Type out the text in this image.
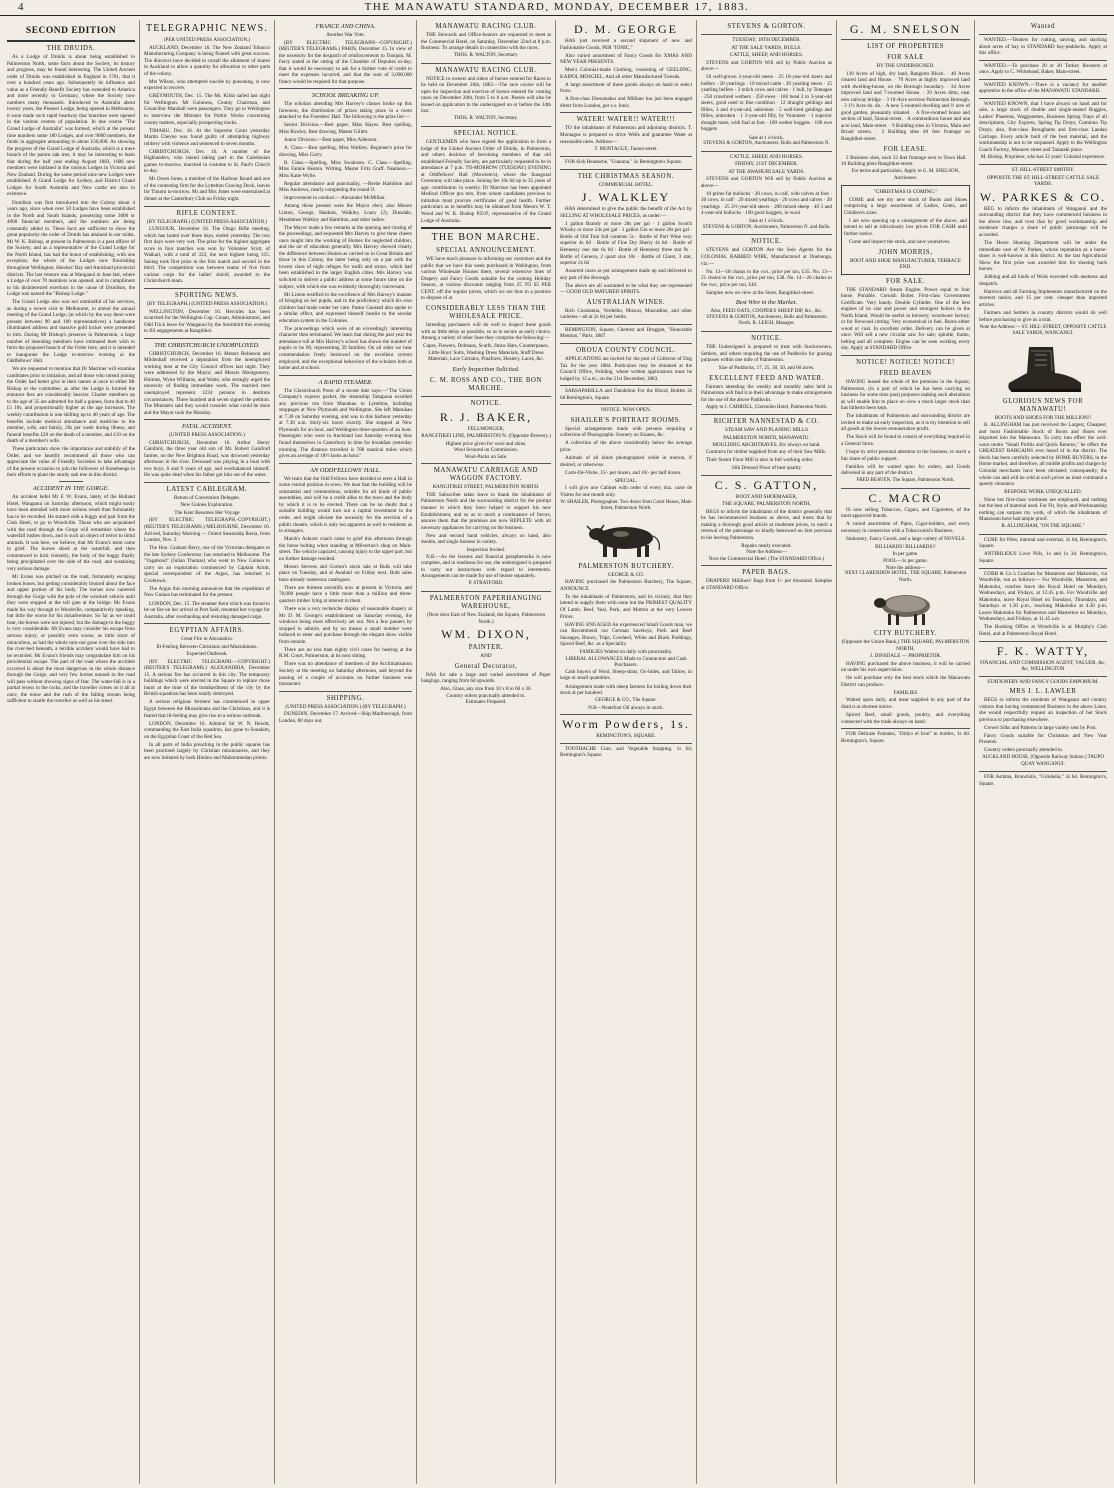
4	THE MANAWATU STANDARD, MONDAY, DECEMBER 17, 1883.
SECOND EDITION
THE DRUIDS.

As a Lodge of Druids is about being established in Palmerston North, some facts about the Society, its history and progress, may be found interesting. The United Ancient order of Druids was established in England in 1781, that it over a hundred years ago. Subsequently its influence and value as a Friendly Benefit Society has extended to America and more recently to Germany, where the Society now numbers many thousands. Introduced to Australia about twenty years, the Pioneer Lodge, being opened in Melbourne, it soon made such rapid headway that branches were opened in the various centres of population. In due course "The Grand Lodge of Australia" was formed, which at the present time numbers some 180 Lodges, and over 9000 members, the funds in aggregate amounting to about £30,000. As showing the progress of the Grand Lodge of Australia, which is a mere branch of the parent oak tree, it may be interesting to learn that during the half year ending August 1883, 1686 new members were initiated in the various Lodges in Victoria and New Zealand. During the same period nine new Lodges were established. A Grand Lodge for Sydney, and District Grand Lodges for South Australia and New castle are also in existence.

Druidism was first introduced into the Colony about 4 years ago, since when over 50 Lodges have been established in the North and South Islands, possessing some 3000 or 4000 financial members, and the numbers are being constantly added to. These facts are sufficient to show the great popularity the order of Druids has attained in our midst. Mr W. K. Bishop, at present in Palmerston is a past officer of the Society, and as a representative of the Grand Lodge for the North Island, has had the honor of establishing, with one exception, the whole of the Lodges now flourishing throughout Wellington, Hawkes' Bay and Auckland provincial districts. The last venture was at Wanganui in June last, where a Lodge of over 70 members was opened, and in compliment to his disinterested exertions in the cause of Druidism, the Lodge was named the "Bishop Lodge."

The Grand Lodge also was not unmindful of his services, as during a recent visit to Melbourne, to attend the annual meeting of the Grand Lodge, (at which by the way there were present between 90 and 100 representatives) a handsome illuminated address and massive gold locket were presented to him. During Mr Bishop's presence in Palmerston, a large number of intending members have intimated their wish to form the proposed branch of the Order here, and it is intended to inaugurate the Lodge to-morrow evening at the Oddfellows' Hall.

We are requested to mention that Dr Marriner will examine candidates prior to initiation, and all those who intend joining the Order had better give in their names at once to either Mr Bishop or the committee, as after the Lodge is formed the entrance fees are considerably heavier. Charter members up to the age of 35 are admitted for half a guinea, from that to 40 £1 10s, and proportionally higher as the age increases. The weekly contribution is one shilling up to 40 years of age. The benefits include medical attendance and medicine to the member, wife, and family, 20s per week during illness, and funeral benefits £20 on the death of a member, and £10 on the death of a member's wife.

These particulars show the importance and stability of the Order, and we heartily recommend all those who can appreciate the value of Friendly Societies to take advantage of the present occasion to join the followers of Stonehenge in their efforts to plant the sturdy oak tree in this district.

ACCIDENT IN THE GORGE.

An accident befel Mr F. W. Evans, lately of the Rutland Hotel, Wanganui on Saturday afternoon, which might easily have been attended with more serious result than fortunately has to be recorded. He started with a buggy and pair from the Club Hotel, to go to Woodville. Those who are acquainted with the road through the Gorge will remember where the waterfall rushes down, and is such an object of terror to timid animals. It was here, we believe, that Mr Evans's team came to grief. The horses shied at the waterfall, and then commenced to kick violently, the body of the buggy finally being precipitated over the side of the road, and sustaining very serious damage.

Mr Evans was pitched on the road, fortunately escaping broken bones, but getting considerably bruised about the face and upper portion of his body. The horses now careered through the Gorge with the pole of the wrecked vehicle until they were stopped at the toll gate at the bridge. Mr Evans made his way through to Woodville, comparatively speaking, but little the worse for his misadventure. So far as we could hear, the horses were not injured, but the damage to the buggy is very considerable. Mr Evans may consider his escape from serious injury, or possibly even worse, as little short of miraculous, as had the whole turn-out gone over the side into the river-bed beneath, a terrible accident would have had to be recorded. Mr Evans's friends may congratulate him on his providential escape. The part of the road where the accident occurred is about the most dangerous in the whole distance through the Gorge, and very few horses unused to the road will pass without showing signs of fear. The water-fall is in a partial recess in the rocks, and the traveller comes on it all at once, the noise and the rush of the falling stream being sufficient to startle the traveller as well as his steed.

TELEGRAPHIC NEWS.
(PER UNITED PRESS ASSOCIATION.)

AUCKLAND, December 16. The New Zealand Tobacco Manufacturing Company is being floated with great success. The directors have decided to curtail the allotment of shares in Auckland to allow a quantity for allocation to other parts of the colony.

Mrs Wilson, who attempted suicide by poisoning, is now expected to recover.

GREYMOUTH, Dec. 15. The Mt. Kilda sailed last night for Wellington. Mr Guinness, County Chairman, and Councillor Marshall were passengers. They go to Wellington to interview the Minister for Public Works concerning county matters, especially prospecting tracks.

TIMARU, Dec. 16. At the Supreme Court yesterday Martin Cheyne was found guilty of attempting highway robbery with violence and sentenced to seven months.

CHRISTCHURCH, Dec. 16. A number of the Highlanders, who intend taking part in the Caledonian games to-morrow, marched in costume to St. Paul's Church to-day.

Mr Owen Jones, a member of the Harbour Board and one of the contesting firm for the Lyttelton Graving Dock, leaves for Timaru to-morrow. Mr and Mrs Jones were entertained at dinner at the Canterbury Club on Friday night.

RIFLE CONTEST.
(BY TELEGRAPH.) (UNITED PRESS ASSOCIATION.)

LUNGOUR, December 16. The Otago Rifle meeting, which has lasted over three days, ended yesterday. The two first days were very wet. The prize for the highest aggregate score in four matches was won by Volunteer Scott, of Waikari, with a total of 322, the next highest being 315. Santag took first prize in the first match and second in the third. The competition was between teams of five from various corps for the ladies' shield, awarded to the Christchurch team.

SPORTING NEWS.
(BY TELEGRAPH.) (UNITED PRESS ASSOCIATION.)

WELLINGTON, December 16. Hercules has been scratched for the Wellington Cup. Conan, Administrator, and Odd Trick leave for Wanganui by the Stormbird this evening to fill engagements at Rangitikei.

THE CHRISTCHURCH UNEMPLOYED.

CHRISTCHURCH, December 16. Messrs Robieson and Mildenhall received a deputation from the unemployed working men at the City Council offices last night. They were addressed by the Mayor, and Messrs Montgomery, Holmes, Wynn Williams, and Waite, who strongly urged the necessity of finding immediate work. The married men unemployed represent 1234 persons in destitute circumstances. Three hundred and seven signed the petition. The Ministers said they would consider what could be done and the Mayor took the Monday.

FATAL ACCIDENT.
(UNITED PRESS ASSOCIATION.)

CHRISTCHURCH, December 16. Arthur Henry Gainford, the three year old son of Mr. Robert Gainford farmer, on the New Brighton Road, was drowned yesterday afternoon in the river. Deceased was playing in a boat with two boys, 6 and 9 years of age, and overbalanced himself. He was quite dead when his father got him out of the water.

LATEST CABLEGRAM.
Return of Convention Delegate.
New Guinea Exploration.
The Kent Resumes Her Voyage

(BY ELECTRIC TELEGRAPH.-COPYRIGHT.) (REUTER'S TELEGRAMS.) MELBOURNE, December 16. Arrived, Saturday Morning — Orient Steamship Ikeria, from London, Nov. 2.

The Hon. Graham Berry, one of the Victorian delegates to the late Sydney Conference, has returned to Melbourne. The "Vagabond" (Julian Thomas) who went to New Guinea to carry on an exploration commenced by Captain Armit, special correspondent of the Argus, has returned to Cooktown.

The Argus this morning announces that the expedition of New Guinea has terminated for the present.

LONDON, Dec. 15. The steamer Kent which was found to be on fire on her arrival at Port Said, resumed her voyage for Australia, after overhauling and restoring damaged cargo.

EGYPTIAN AFFAIRS.
Great Fire in Alexandria.
Ill-Feeling Between Christians and Mussulmans.
Expected Outbreak.

(BY ELECTRIC TELEGRAPH.—COPYRIGHT.) (REUTER'S TELEGRAMS.) ALEXANDRIA, December 15. A serious fire has occurred in this city. The temporary buildings which were erected in the Square to replace those burnt at the time of the bombardment of the city by the British squadron has been totally destroyed.

A serious religious ferment has commenced in upper Egypt between the Mussulmans and the Christians, and it is feared that ill-feeling may give rise to a serious outbreak.

LONDON, December 16. Admiral Sir W. N. Hewitt, commanding the East India squadron, has gone to Souakim, on the Egyptian Coast of the Red Sea.

In all parts of India preaching in the public squares has been practised largely by Christian missionaries, and they are now imitated by both Hindoo and Mahommedan priests.

FRANCE AND CHINA.
Another War Vote.

(BY ELECTRIC TELEGRAPH—COPYRIGHT.) (REUTER'S TELEGRAMS.) PARIS, December 15. In view of the necessity for the despatch of reinforcements to Tonquin, M. Ferry stated at the sitting of the Chamber of Deputies to-day, that it would be necessary to ask for a further vote of credit to meet the expenses incurred, and that the sum of 3,000,000 francs would be required for that purpose.

SCHOOL BREAKING UP.

The scholars attending Mrs Harvey's classes broke up this forenoon, the distribution of prizes taking place in a room attached to the Foresters' Hall. The following is the prize list:—

Senior Division.—Best paper, Miss Hayes. Best spelling, Miss Rowley. Best drawing, Master Gillett.

Junior Division.—Best paper, Miss Alderson.

A. Class.—Best spelling, Miss Walkley. Beginner's prize for drawing, Miss Curry.

B. Class.—Spelling, Miss Swainson. C. Class.—Spelling, Miss Fannie Heaton. Writing, Master Fritz Graff. Neatness.—Miss Katie Wylie.

Regular attendance and punctuality, —Bertie Hamilton and Miss Andrews, nearly completing the round O.

Improvement in conduct.—Alexander McMillan.

Among those present were the Mayor elect, also Messrs Linton, George, Hankins, Walkley, Loary (2), Dinsdale, Mesdames Walkley and Hamilton, and other ladies.

The Mayor made a few remarks at the opening and closing of the proceedings, and requested Mrs Harvey to give three cheers once taught into the working of Homes for neglected children, and the art of education generally. Mrs Harvey showed clearly the difference between Homes as carried on in Great Britain and those in this Colony, the latter being only on a par with the lowest class of night refuges for waifs and strays, which had been established in the larger English cities. Mrs Harvey was solicited to deliver a public address at some future time on the subject, with which she was evidently thoroughly conversant.

Mr Linton testified to the excellence of Mrs Harvey's manner of bringing on her pupils, and to the proficiency which his own children had made under her care. Pastor Gaustad also spoke to a similar effect, and expressed himself hostile to the secular education system in the Colonies.

The proceedings which were of an exceedingly interesting character then terminated. We learn that during the past year the attendance roll at Mrs Harvey's school has shown the number of pupils to be 60, representing 29 families. On all sides we hear commendation freely bestowed on the excellent system employed, and the exceptional behaviour of the scholars both at home and at school.

A RAPID STEAMER.

The Christchurch Press of a recent date says:—"The Union Company's express packet, the steamship Takapuna excelled any previous run from Manukau to Lyttelton, including stoppages at New Plymouth and Wellington. She left Manukau at 7.30 on Saturday evening, and was in this harbour yesterday at 7.30 a.m. thirty-six hours exactly. She stopped at New Plymouth for an hour, and Wellington three-quarters of an hour. Passengers who were in Auckland last Saturday evening thus found themselves in Canterbury in time for breakfast yesterday morning. The distance travelled is 788 nautical miles which gives an average of 18½ knots an hour."

AN ODDFELLOWS' HALL.

We learn that the Odd Fellows have decided to erect a Hall in some central position in town. We hear that the building will be substantial and commodious, suitable for all kinds of public assemblies, and will be a credit alike to the town and the body by which it is to be erected. There can be no doubt that a suitable building would turn out a capital investment to the order, and might obviate the necessity for the erection of a public theatre, which is only too apparent as well to residents as to strangers.

Marsh's Ashurst coach came to grief this afternoon through the horse bolting when standing at Milverton's shop on Main-street. The vehicle capsized, causing injury to the upper part, but no further damage resulted.

Messrs Stevens and Gorton's stock sale at Bulls will take place on Tuesday, and at Awahuri on Friday next. Both sales have already numerous catalogues.

There are thirteen sawmills now at present in Victoria, and 70,000 people have a little more than a million and three-quarters timber lying at interest in them.

There was a very recherche display of seasonable drapery at Mr D. M. George's establishment on Saturday evening, the windows being most effectively set out. Not a few passers by stopped to admire, and by no means a small number were induced to enter and purchase through the elegant show visible from outside.

There are no less than eighty civil cases for hearing at the R.M. Court, Palmerston, at its next sitting.

There was no attendance of members of the Acclimatisation Society at the meeting on Saturday afternoon, and beyond the passing of a couple of accounts no further business was transacted.

SHIPPING.
(UNITED PRESS ASSOCIATION.) (BY TELEGRAPH.)

DUNEDIN, December 17. Arrived—Ship Marlborough, from London, 80 days out.

MANAWATU RACING CLUB.

THE Stewards and Office-bearers are requested to meet at the Commercial Hotel, on Saturday, December 22nd at 8 p.m. Business: To arrange details in connection with the races.

THOS. R. WALTON, Secretary.
MANAWATU RACING CLUB.

NOTICE to owners and riders of horses entered for Races to be held on December 26th, 1883.—The race course will be open for inspection and exercise of horses entered for coming races on December 20th, from 5 to 8 a.m. Passes will also be issued on application to the undersigned on or before the 24th inst.

THOS. R. WALTON, Secretary.
SPECIAL NOTICE.

GENTLEMEN who have signed the application to form a lodge of the United Ancient Order of Druids, in Palmerston, and others desirous of becoming members of that old established Friendly Society, are particularly requested to be in attendance at 7 p.m. TO-MORROW (TUESDAY) EVENING at Oddfellows' Hall (Mowlem's), where the Inaugural Ceremony will take place. Joining fee 10s 6d up to 35 years of age; contribution 1s weekly. Dr Marriner has been appointed Medical Officer pro tem, from whom candidates previous to initiation must procure certificates of good health. Further particulars as to benefits may be obtained from Messrs W. T. Wood and W. K. Bishop P.D.P., representative of the Grand Lodge of Australia.

THE BON MARCHE.
SPECIAL ANNOUNCEMENT.

WE have much pleasure in informing our customers and the public that we have this week purchased in Wellington, from various Wholesale Houses there, several extensive lines of Drapery and Fancy Goods suitable for the coming Holiday Season, at various discounts ranging from 25 TO 65 PER CENT. off the regular prices, which we are thus in a position to dispose of at

CONSIDERABLY LESS THAN THE WHOLESALE PRICE.

Intending purchasers will do well to inspect these goods with as little delay as possible, so as to secure as early choice. Among a variety of other lines they comprise the following:—

Capes, Flowers, Dolmans, Scarfs, Straw Hats, Counterpanes, Little Boys' Suits, Washing Dress Materials, Stuff Dress Materials, Lace Curtains, Pinafores, Hosiery, Laces, &c.
Early Inspection Solicited.
C. M. ROSS AND CO., THE BON MARCHE.
NOTICE.
R. J. BAKER,
FELLMONGER,
RANGITIKEI LINE, PALMERSTON N. (Opposite Brewery.)
Highest price given for wool and skins.
Wool Scoured on Commission.
Wool-Packs on Sale.
MANAWATU CARRIAGE AND WAGGON FACTORY.
RANGITIKEI STREET, PALMERSTON NORTH.

THE Subscriber takes leave to thank the inhabitants of Palmerston North and the surrounding district for the prompt manner in which they have helped to support his new Establishment, and so as to merit a continuance of favors, assures them that the premises are now REPLETE with all necessary appliances for carrying on the business.

New and second hand vehicles, always on hand, also double, and single harness in variety.

Inspection Invited.

N.B.—As the lessons and financial paraphernalia is now complete, and in readiness for use, the undersigned is prepared to carry out instructions with regard to interments. Arrangements can be made for use of hearse separately.

P. STRATFORD.
PALMERSTON PAPERHANGING WAREHOUSE,
(Next door East of New Zealand, the Square, Palmerston North.)
WM. DIXON,
PAINTER,
AND
General Decorator,

HAS for sale a large and varied assortment of Paper hangings, ranging from 6d upwards.

Also, Glass, any size from 10 x 8 to 60 x 36.
Country orders punctually attended to.
Estimates Prepared.
D. M. GEORGE

HAS just received a second shipment of new and Fashionable Goods, PER "IONIC,"

Also varied assortment of Fancy Goods for XMAS AND NEW YEAR PRESENTS.

Men's Colonial-made Clothing, consisting of GEELONG, KAIPOI, MOSGIEL, And all other Manufactured Tweeds.

A large assortment of these goods always on hand to select from.

A first-class Dressmaker and Milliner has just been engaged direct from London, per s.s. Ionic.

WATER! WATER!! WATER!!!

TO the inhabitants of Palmerston and adjoining districts. T. Montague is prepared to drive Wells and guarantee Water at reasonable rates. Address—

T. MONTAGUE, Taonui-street.

FOR Sick Headache, "Guarana," 2s Remington's Square.

THE CHRISTMAS SEASON.
COMMERCIAL HOTEL.
J. WALKLEY

HAS determined to give the public the benefit of the Act by SELLING AT WHOLESALE PRICES, as under:—

1 gallon Brandy or more 28s per gal · 1 gallon Scotch Whisky or more 24s per gal · 1 gallon Gin or more 20s per gal · Bottle of Old Tom full contents 5s · Bottle of Port Wine very superior 4s 6d · Bottle of Fine Dry Sherry 4s 6d · Bottle of Hennessy one star 6s 6d · Bottle of Hennessy three star 9s · Bottle of Geneva, 2 quart size 10s · Bottle of Claret, 3 star, superior 2s 6d

Assorted cases as per arrangement made up and delivered to any part of the Borough.

The above are all warranted to be what they are represented — GOOD OLD MATURED SPIRITS.

AUSTRALIAN WINES.

Rich Constantia, Verdelho, Muscat, Muscadine, and other varieties—all at 2s 6d per bottle.

REMINGTON, Square, Chemist and Druggist, "Honorable Mention," Paris, 1867.

OROUA COUNTY COUNCIL.

APPLICATIONS are invited for the post of Collector of Dog Tax for the year 1884. Particulars may be obtained at the Council Office, Feilding, where written applications must be lodged by 12 a.m., on the 21st December, 1883.

SARSAPARILLA and Dandelion For the Blood, Bottles 2s 6d Remington's, Square.

NOTICE. NOW OPEN.
SHAILER'S PORTRAIT ROOMS.

Special arrangements made with persons requiring a collection of Photographic Scenery on Estates, &c.

A collection of the above considerably below the average price.

Animals of all kinds photographed while in motion, if desired, or otherwise.

Carte-De-Visite, 15/- per dozen, and 10/- per half dozen.

SPECIAL.

I will give one Cabinet with order of every doz. carte de Visites for one month only.

W. SHAILER, Photographer. Two doors from Court House, Main Street, Palmerston North.
PALMERSTON BUTCHERY.
GEORGE & CO.

HAVING purchased the Palmerston Butchery, The Square, ANNOUNCE

To the inhabitants of Palmerston, and its vicinity, that they intend to supply them with none but the PRIMEST QUALITY Of Lamb, Beef, Veal, Pork, and Mutton at the very Lowest Prices.

HAVING ENGAGED An experienced Small Goods man, we can Recommend our German Saveloys, Pork and Beef Sausages, Brawn, Tripe, Cowheel, White and Black Puddings, Spiced Beef, &c. as a Speciality.

FAMILIES Waited on daily with punctuality.
LIBERAL ALLOWANCES Made to Contractors and Cash Purchasers.

Cash buyers of Wool, Sheep-skins, Ox-hides, and Tallow, in large or small quantities.

Arrangement made with sheep farmers for boiling down their stock at per hundred.

GEORGE & CO., The Square.
N.B—Neatsfoot Oil always in stock.
Worm Powders, 1s.
REMINGTON'S, SQUARE.

TOOTHACHE Cure, and Vegetable Stopping. 1s 6d, Remington's Square.

STEVENS & GORTON.
TUESDAY, 18TH DECEMBER.
AT THE SALE YARDS, BULLS.
CATTLE, SHEEP, AND HORSES.

STEVENS and GORTON Will sell by Public Auction as above—

50 well-grown 3-year-old steers · 25 18-year-old steers and heifers · 20 yearlings · 10 mixed cattle · 20 yearling steers · 15 yearling heifers · 3 milch cows and calves · 1 bull, by Tentagee · 250 crossbred wethers · 250 ewes · 100 head 2 to 3-year-old steers, good used to fine condition · 12 draught geldings and fillies, 3 and 4-year-old, unbroken · 5 well-bred geldings and fillies, unbroken · 1 3-year-old filly, by Volunteer · 1 superior draught mare, with foal at foot · 100 wether hoggets · 100 ewe hoggets

Sale at 1 o'clock.
STEVENS & GORTON, Auctioneers, Bulls and Palmerston N.
CATTLE, SHEEP, AND HORSES.
FRIDAY, 21ST DECEMBER.
AT THE AWAHURI SALE YARDS.

STEVENS and GORTON Will sell by Public Auction as above—

10 prime fat bullocks · 20 cows, in calf, with calves at foot · 30 cows, in calf · 20 mixed yearlings · 20 cows and calves · 20 yearlings · 25 2½-year-old steers · 200 mixed sheep · 40 3 and 4-year-old bullocks · 100 good hoggets, in wool

Sale at 1 o'clock.
STEVENS & GORTON, Auctioneers, Palmerston N. and Bulls.
NOTICE.

STEVENS and GORTON Are the Sole Agents for the COLONIAL BARBED WIRE, Manufactured at Onehunga, viz:—

No. 13—18 chains to the cwt., price per ton, £35. No. 13—21 chains to the cwt., price per ton, £38. No. 14—26 chains to the cwt., price per ton, £40.

Samples now on view at the Store, Rangitikei-street.

Best Wire in the Market.
Also, FEED OATS, COOPER'S SHEEP DIP, &c., &c.
STEVENS & GORTON, Auctioneers, Bulls and Palmerston North. R. LEIGH, Manager.
NOTICE.

THE Undersigned is prepared to treat with Stockowners, Settlers, and others requiring the use of Paddocks for grazing purposes within one mile of Palmerston.

Size of Paddocks, 17, 25, 30, 50, and 60 acres.
EXCELLENT FEED AND WATER.

Farmers attending the weekly and monthly sales held in Palmerston will find it to their advantage to make arrangements for the use of the above Paddocks.

Apply to J. CARROLL, Clarendon Hotel, Palmerston North.
RICHTER NANNESTAD & CO.
STEAM SAW AND PLANING MILLS
PALMERSTON NORTH, MANAWATU.
MOULDING ARCHITRAVES, Etc always on hand.

Contracts for timber supplied from any of their Saw Mills.

Their Steam Flour Mill is also in full working order.

Silk Dressed Flour of best quality
C. S. GATTON,
BOOT AND SHOEMAKER,
THE SQUARE, PALMERSTON NORTH,

BEGS to inform the inhabitants of the district generally that he has recommenced business as above, and trusts that by making a thorough good article at moderate prices, to merit a renewal of the patronage so kindly bestowed on him previous to his leaving Palmerston.

Repairs neatly executed.
Note the Address—
Next the Commercial Hotel. (The STANDARD Office.)
PAPER BAGS.

DRAPERS' Milliners' Bags from 1/- per thousand. Samples at STANDARD Office.

G. M. SNELSON
LIST OF PROPERTIES
FOR SALE
BY THE UNDERSIGNED.

130 Acres of high, dry land, Rangiotu Block. · 40 Acres cleared land and House. · 70 Acres at highly improved land with dwelling-house, on the Borough boundary. · 34 Acres improved land and 7-roomed House. · 20 Acres ditto, near new railway bridge. · 3 10-Acre sections Palmerston Borough. · 3 1½ Acre do. do. · A new 5-roomed dwelling and ½ acre of good garden, pleasantly situated. · A five-roomed house and section of land, Taonui-street. · A commodious house and one acre land, Main-street. · 9 Building sites in Victoria, Main and Broad streets. · 3 Building sites 40 feet frontage on Rangitikei-street.

FOR LEASE.

2 Business sites, each 32 feet frontage next to Town Hall. · 10 Building plots Rangitikei-street.

For terms and particulars, Apply to G. M. SNELSON, Auctioneer.
"CHRISTMAS IS COMING."

COME and see my new stock of Boots and Shoes comprising a large assortment of Ladies, Gents, and Children's sizes.

I am now opening up a consignment of the above, and intend to sell at ridiculously low prices FOR CASH until further notice.

Come and inspect the stock, and save yourselves.

JOHN MORRIS,
BOOT AND SHOE MANUFACTURER, TERRACE END.
FOR SALE.

THE STANDARD Steam Engine. Power equal to four horse. Portable. Cornish Boiler. First-class Government Certificate. Very handy. Double Cylinder. One of the best engines of its size and power and strongest boilers in the North Island. Would be useful in brewery, woodware factory, or for firewood cutting. Very economical in fuel. Burns either wood or coal. In excellent order. Delivery can be given at once. Will sell a new circular saw for sale; spindle, frame, belting and all complete. Engine can be seen working every day. Apply at STANDARD Office.

NOTICE! NOTICE! NOTICE!
FRED BEAVEN

HAVING leased the whole of the premises in the Square, Palmerston, (in a part of which he has been carrying on business for some time past) purposes making such alterations as will enable him to place on view a much larger stock than has hitherto been kept.

The inhabitants of Palmerston and surrounding district are invited to make an early inspection, as it is my intention to sell all goods at the lowest remunerative profit.

The Stock will be found to consist of everything required in a General Store.

I hope by strict personal attention to the business, to merit a fair share of public support.

Families will be waited upon for orders, and Goods delivered in any part of the district.

FRED BEAVEN, The Square, Palmerston North.
C. MACRO

IS now selling Tobaccos, Cigars, and Cigarettes, of the most approved brands.

A varied assortment of Pipes, Cigar-holders, and every necessary in connection with a Tobacconist's Business.

Stationery, Fancy Goods, and a large variety of NOVELS.

BILLIARDS! BILLIARDS!!
In per game.
POOL—1s per game.
Note the address—
NEXT CLARENDON HOTEL, THE SQUARE, Palmerston North.
CITY BUTCHERY.
(Opposite the Union Bank,) THE SQUARE, PALMERSTON NORTH.
J. DINSDALE — PROPRIETOR.

HAVING purchased the above business, it will be carried on under his own supervision.

He will purchase only the best stock which the Manawatu District can produce.

FAMILIES

Waited upon daily, and meat supplied in any part of the district at shortest notice.

Spiced Beef, small goods, poultry, and everything connected with the trade always on hand.

FOR Delicate Females, "Didyo el Iron" in bottles, 1s 6d. Remington's, Square.

Wanted

WANTED.—Tenders for cutting, sawing, and stacking about acres of hay in STANDARD hay-paddocks. Apply at this office.

WANTED.—To purchase 20 or 30 Turkey Roosters at once. Apply to C. Whitehead, Baker, Main-street.

WANTED KNOWN.—There is a vacancy for another apprentice in the office of the MANAWATU STANDARD.

WANTED KNOWN, that I have always on hand and for sale, a large stock of double and single-seated Buggies, Ladies' Phaetons, Waggonettes, Business Spring Traps of all descriptions, City Express, Spring Tip Drays, Common Tip Drays; also, first-class Broughams and first-class Landau Carriage. Every article built of the best material, and the workmanship is not to be surpassed. Apply to the Wellington Coach Factory, Manners street and Taranaki place.

M. Bishop, Proprietor, who has 32 years' Colonial experience.
ST. HILL-STREET SMITHY.
OPPOSITE THE ST. HILL-STREET CATTLE SALE YARDS.
W. PARKES & CO.

BEG to inform the inhabitants of Wanganui and the surrounding district that they have commenced business in the above line, and trust that by good workmanship and moderate charges a share of public patronage will be accorded.

The Horse Shoeing Department will be under the immediate care of W. Parkes, whose reputation as a horse-shoer is well-known in this district. At the last Agricultural Show the first prize was awarded him for shoeing back horses.

Jobbing and all kinds of Work executed with neatness and despatch.

Harrows and all Farming Implements manufactured on the shortest notice, and 15 per cent. cheaper than imported articles.

Farmers and Settlers in country districts would do well before purchasing to give us a trial.

Note the Address:— ST. HILL-STREET, OPPOSITE CATTLE SALE YARDS, WANGANUI.
GLORIOUS NEWS FOR MANAWATU!
BOOTS AND SHOES FOR THE MILLION!!

R. ALLINGHAM has just received the Largest, Cheapest, and most Fashionable Stock of Boots and Shoes ever imported into the Manawatu. To carry into effect the well-worn motto "Small Profits and Quick Returns," he offers the GREATEST BARGAINS ever heard of in the district. The Stock has been carefully selected by HOME BUYERS, in the Home market, and therefore, all middle profits and charges by Colonial merchants have been obviated; consequently, the whole can and will be sold at such prices as must command a speedy clearance.

BESPOKE WORK UNEQUALLED.

None but first-class workmen are employed, and nothing but the best of material used. For Fit, Style, and Workmanship nothing can surpass my work, of which the inhabitants of Manawatu have had ample proof.

R. ALLINGHAM, "ON THE SQUARE."

CURE for Piles, internal and external, 2s 6d, Remington's, Square.

ANTIBILIOUS Liver Pills, 1s and 1s 3d. Remington's, Square.

COBB & Co.'s Coaches for Masterton and Makotoku, via Woodville, run as follows:— For Woodville, Masterton, and Makotoku, coaches leave the Royal Hotel on Mondays, Wednesdays, and Fridays, at 12.45 p.m. For Woodville and Makotoku, leave Royal Hotel on Tuesdays, Thursdays, and Saturdays at 1.30 p.m., reaching Makotoku at 4.30 p.m. Leave Makotoku for Palmerston and Masterton on Mondays, Wednesdays, and Fridays, at 11.45 a.m.

The Booking Office at Woodville is at Murphy's Club Hotel, and at Palmerston Royal Hotel.

F. K. WATTY,
FINANCIAL AND COMMISSION AGENT, VALUER, &c, &c, WELLINGTON
STATIONERY AND FANCY GOODS EMPORIUM.
MRS J. L. LAWLER

BEGS to inform the residents of Wanganui and country visitors that having commenced Business in the above Lines, she would respectfully request an inspection of her Stock previous to purchasing elsewhere.

Crewel Silks and Patterns in large variety sent by Post.

Fancy Goods suitable for Christmas and New Year Presents.

Country orders punctually attended to.

AUCKLAND HOUSE, (Opposite Railway Station.) TAUPO QUAY WANGANUI.

FOR Asthma, Bronchitis, "Grindelia," 2s 6d. Remington's, Square.
